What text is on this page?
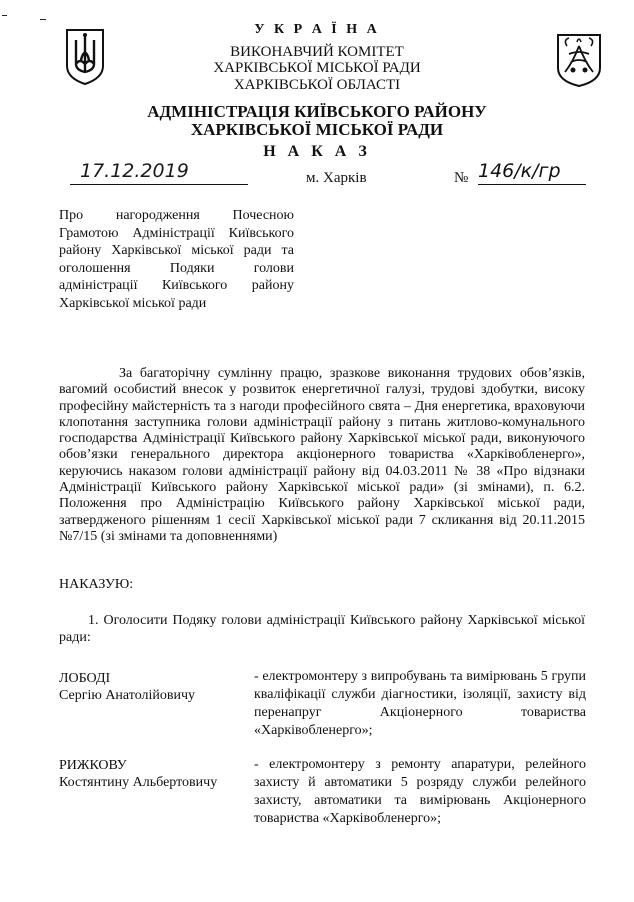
У К Р А Ї Н А
ВИКОНАВЧИЙ КОМІТЕТ
ХАРКІВСЬКОЇ МІСЬКОЇ РАДИ
ХАРКІВСЬКОЇ ОБЛАСТІ
АДМІНІСТРАЦІЯ КИЇВСЬКОГО РАЙОНУ
ХАРКІВСЬКОЇ МІСЬКОЇ РАДИ
Н А К А З
17.12.2019	м. Харків	№ 146/к/гр
Про нагородження Почесною Грамотою Адміністрації Київського району Харківської міської ради та оголошення Подяки голови адміністрації Київського району Харківської міської ради
За багаторічну сумлінну працю, зразкове виконання трудових обов’язків, вагомий особистий внесок у розвиток енергетичної галузі, трудові здобутки, високу професійну майстерність та з нагоди професійного свята – Дня енергетика, враховуючи клопотання заступника голови адміністрації району з питань житлово-комунального господарства Адміністрації Київського району Харківської міської ради, виконуючого обов’язки генерального директора акціонерного товариства «Харківобленерго», керуючись наказом голови адміністрації району від 04.03.2011 № 38 «Про відзнаки Адміністрації Київського району Харківської міської ради» (зі змінами), п. 6.2. Положення про Адміністрацію Київського району Харківської міської ради, затвердженого рішенням 1 сесії Харківської міської ради 7 скликання від 20.11.2015 №7/15 (зі змінами та доповненнями)
НАКАЗУЮ:
1. Оголосити Подяку голови адміністрації Київського району Харківської міської ради:
ЛОБОДІ
Сергію Анатолійовичу
- електромонтеру з випробувань та вимірювань 5 групи кваліфікації служби діагностики, ізоляції, захисту від перенапруг Акціонерного товариства «Харківобленерго»;
РИЖКОВУ
Костянтину Альбертовичу
- електромонтеру з ремонту апаратури, релейного захисту й автоматики 5 розряду служби релейного захисту, автоматики та вимірювань Акціонерного товариства «Харківобленерго»;
